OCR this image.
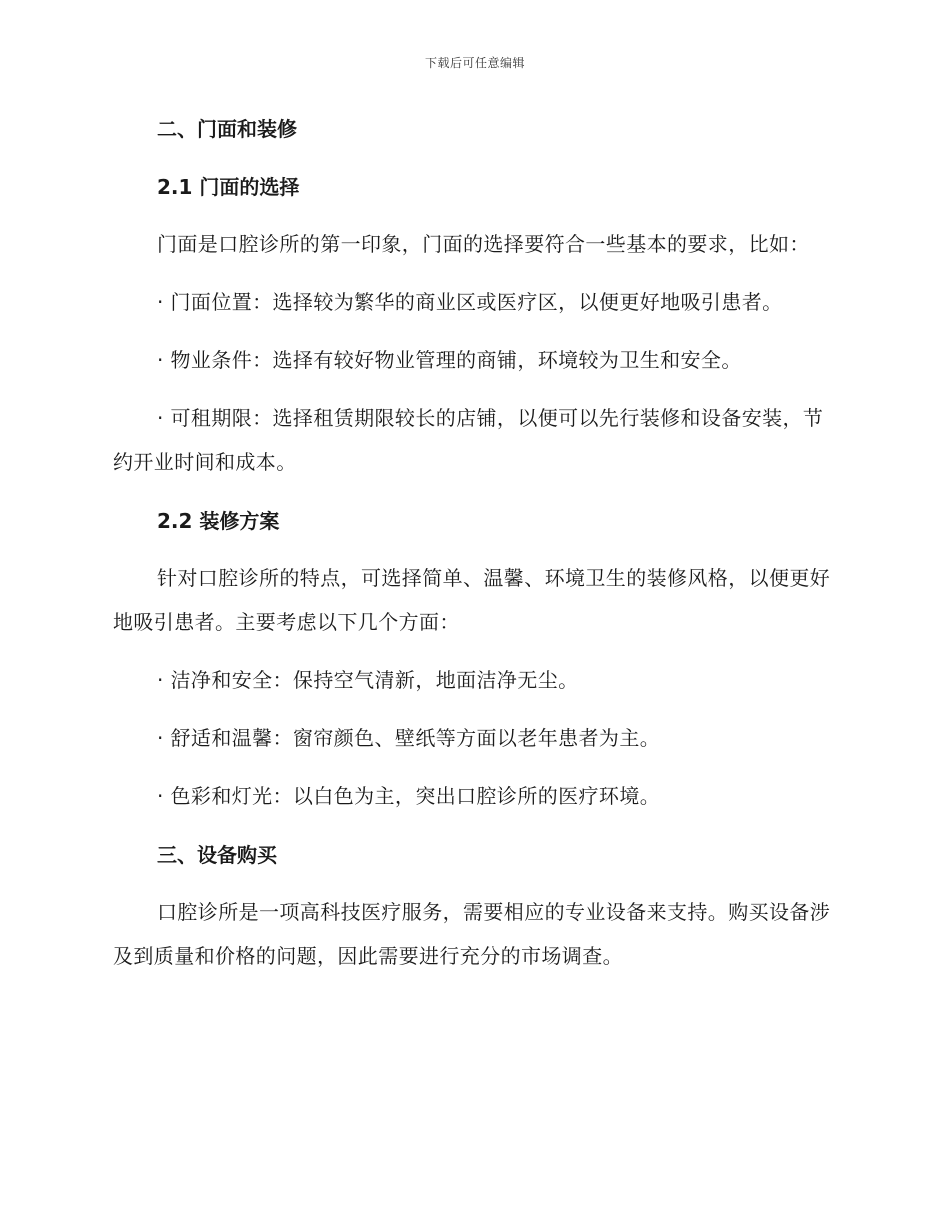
下载后可任意编辑
二、门面和装修
2.1 门面的选择

门面是口腔诊所的第一印象，门面的选择要符合一些基本的要求，比如：

· 门面位置：选择较为繁华的商业区或医疗区，以便更好地吸引患者。

· 物业条件：选择有较好物业管理的商铺，环境较为卫生和安全。

· 可租期限：选择租赁期限较长的店铺，以便可以先行装修和设备安装，节约开业时间和成本。

2.2 装修方案

针对口腔诊所的特点，可选择简单、温馨、环境卫生的装修风格，以便更好地吸引患者。主要考虑以下几个方面：

· 洁净和安全：保持空气清新，地面洁净无尘。

· 舒适和温馨：窗帘颜色、壁纸等方面以老年患者为主。

· 色彩和灯光：以白色为主，突出口腔诊所的医疗环境。

三、设备购买

口腔诊所是一项高科技医疗服务，需要相应的专业设备来支持。购买设备涉及到质量和价格的问题，因此需要进行充分的市场调查。
